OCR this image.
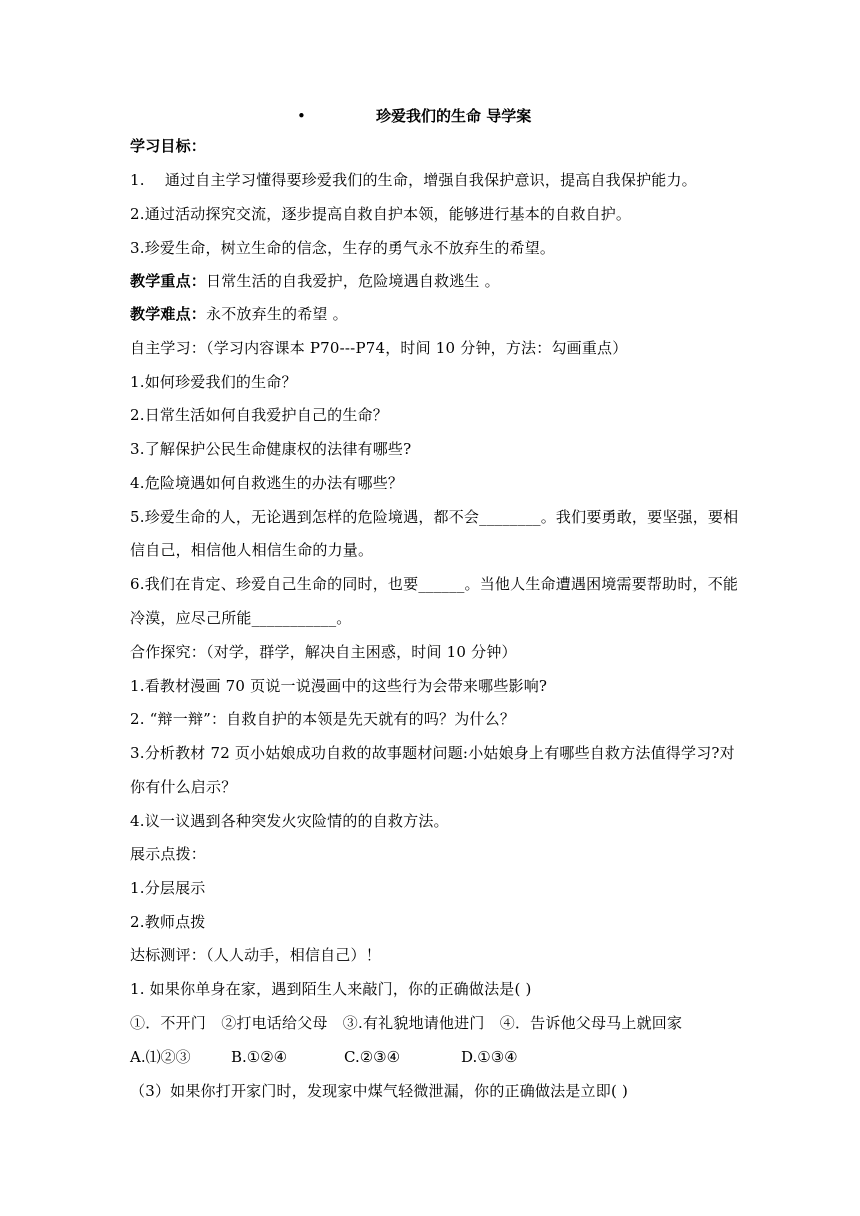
•	珍爱我们的生命 导学案
学习目标：
1.　 通过自主学习懂得要珍爱我们的生命，增强自我保护意识，提高自我保护能力。
2.通过活动探究交流，逐步提高自救自护本领，能够进行基本的自救自护。
3.珍爱生命，树立生命的信念，生存的勇气永不放弃生的希望。
教学重点：日常生活的自我爱护，危险境遇自救逃生 。
教学难点：永不放弃生的希望 。
自主学习：（学习内容课本 P70---P74，时间 10 分钟，方法：勾画重点）
1.如何珍爱我们的生命？
2.日常生活如何自我爱护自己的生命？
3.了解保护公民生命健康权的法律有哪些?
4.危险境遇如何自救逃生的办法有哪些？
5.珍爱生命的人，无论遇到怎样的危险境遇，都不会________。我们要勇敢，要坚强，要相
信自己，相信他人相信生命的力量。
6.我们在肯定、珍爱自己生命的同时，也要______。当他人生命遭遇困境需要帮助时，不能
冷漠，应尽己所能___________。
合作探究：（对学，群学，解决自主困惑，时间 10 分钟）
1.看教材漫画 70 页说一说漫画中的这些行为会带来哪些影响?
2. “辩一辩”：自救自护的本领是先天就有的吗？为什么？
3.分析教材 72 页小姑娘成功自救的故事题材问题:小姑娘身上有哪些自救方法值得学习?对
你有什么启示？
4.议一议遇到各种突发火灾险情的的自救方法。
展示点拨：
1.分层展示
2.教师点拨
达标测评：（人人动手，相信自己）！
1. 如果你单身在家，遇到陌生人来敲门，你的正确做法是( )
①．不开门　②打电话给父母　③.有礼貌地请他进门　④．告诉他父母马上就回家
A.⑴②③	B.①②④	C.②③④	D.①③④
（3）如果你打开家门时，发现家中煤气轻微泄漏，你的正确做法是立即( )
